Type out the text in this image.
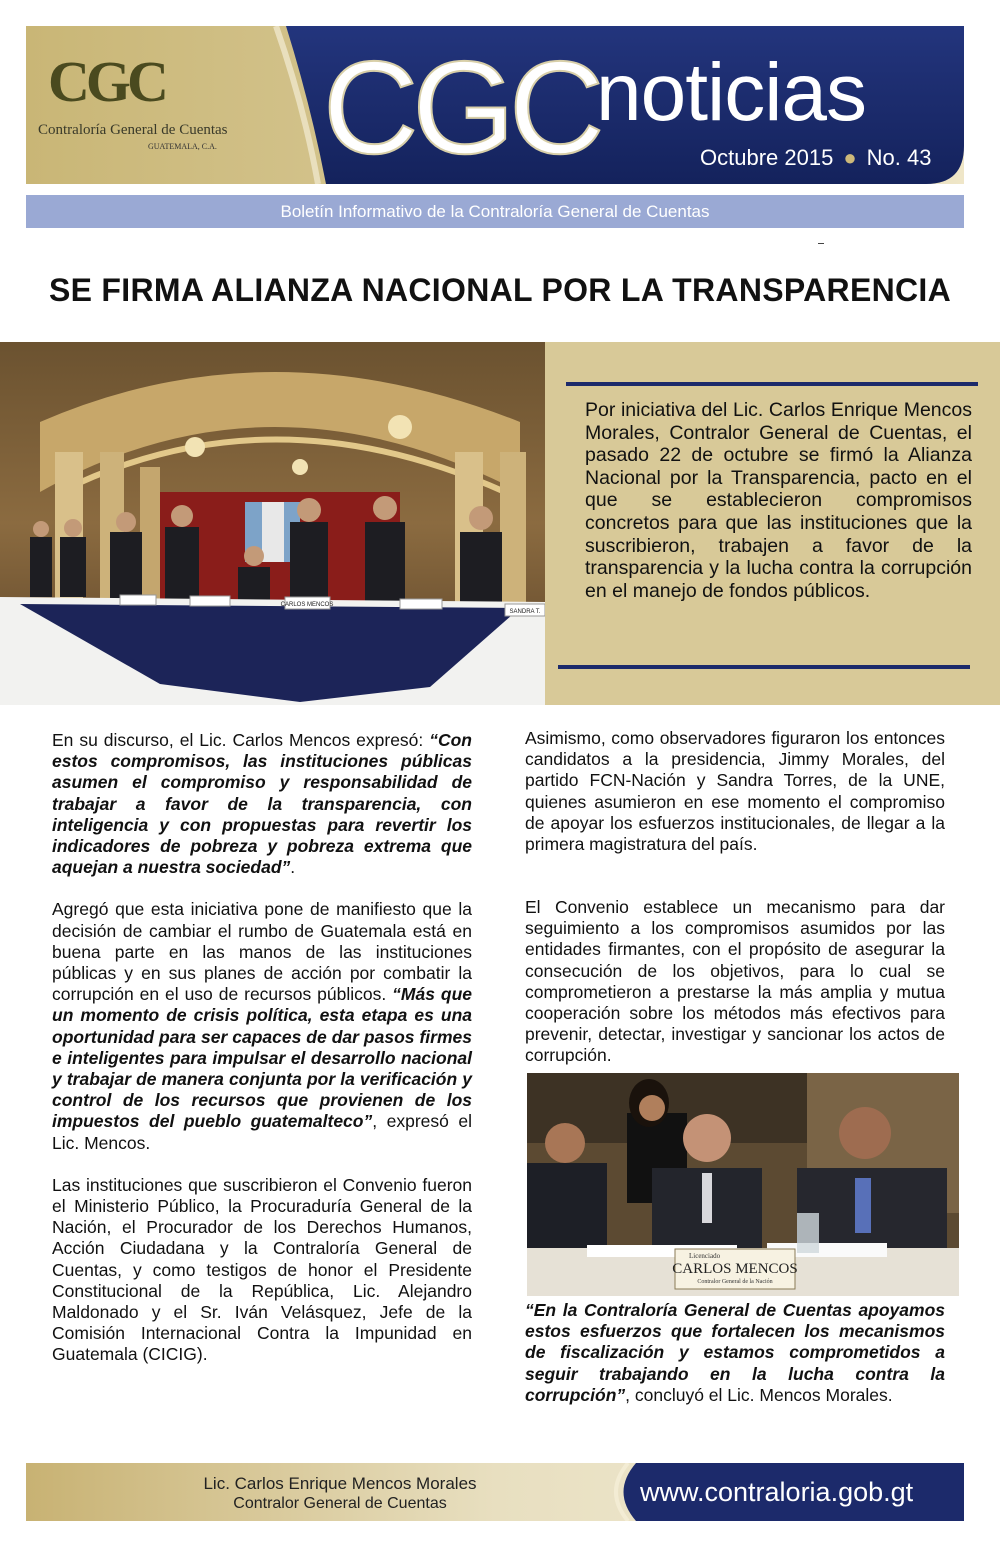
CGC
Contraloría General de Cuentas
GUATEMALA, C.A. CGC
noticias
Octubre 2015 ● No. 43
Boletín Informativo de la Contraloría General de Cuentas
SE FIRMA ALIANZA NACIONAL POR LA TRANSPARENCIA
CARLOS MENCOS
SANDRA T.
Por iniciativa del Lic. Carlos Enrique Mencos Morales, Contralor General de Cuentas, el pasado 22 de octubre se firmó la Alianza Nacional por la Transparencia, pacto en el que se establecieron compromisos concretos para que las instituciones que la suscribieron, trabajen a favor de la transparencia y la lucha contra la corrupción en el manejo de fondos públicos.

En su discurso, el Lic. Carlos Mencos expresó: “Con estos compromisos, las instituciones públicas asumen el compromiso y responsabilidad de trabajar a favor de la transparencia, con inteligencia y con propuestas para revertir los indicadores de pobreza y pobreza extrema que aquejan a nuestra sociedad”.

Agregó que esta iniciativa pone de manifiesto que la decisión de cambiar el rumbo de Guatemala está en buena parte en las manos de las instituciones públicas y en sus planes de acción por combatir la corrupción en el uso de recursos públicos. “Más que un momento de crisis política, esta etapa es una oportunidad para ser capaces de dar pasos firmes e inteligentes para impulsar el desarrollo nacional y trabajar de manera conjunta por la verificación y control de los recursos que provienen de los impuestos del pueblo guatemalteco”, expresó el Lic. Mencos.

Las instituciones que suscribieron el Convenio fueron el Ministerio Público, la Procuraduría General de la Nación, el Procurador de los Derechos Humanos, Acción Ciudadana y la Contraloría General de Cuentas, y como testigos de honor el Presidente Constitucional de la República, Lic. Alejandro Maldonado y el Sr. Iván Velásquez, Jefe de la Comisión Internacional Contra la Impunidad en Guatemala (CICIG).

Asimismo, como observadores figuraron los entonces candidatos a la presidencia, Jimmy Morales, del partido FCN-Nación y Sandra Torres, de la UNE, quienes asumieron en ese momento el compromiso de apoyar los esfuerzos institucionales, de llegar a la primera magistratura del país.

El Convenio establece un mecanismo para dar seguimiento a los compromisos asumidos por las entidades firmantes, con el propósito de asegurar la consecución de los objetivos, para lo cual se comprometieron a prestarse la más amplia y mutua cooperación sobre los métodos más efectivos para prevenir, detectar, investigar y sancionar los actos de corrupción.

Licenciado
CARLOS MENCOS
Contralor General de la Nación
“En la Contraloría General de Cuentas apoyamos estos esfuerzos que fortalecen los mecanismos de fiscalización y estamos comprometidos a seguir trabajando en la lucha contra la corrupción”, concluyó el Lic. Mencos Morales.
Lic. Carlos Enrique Mencos Morales
Contralor General de Cuentas	www.contraloria.gob.gt
